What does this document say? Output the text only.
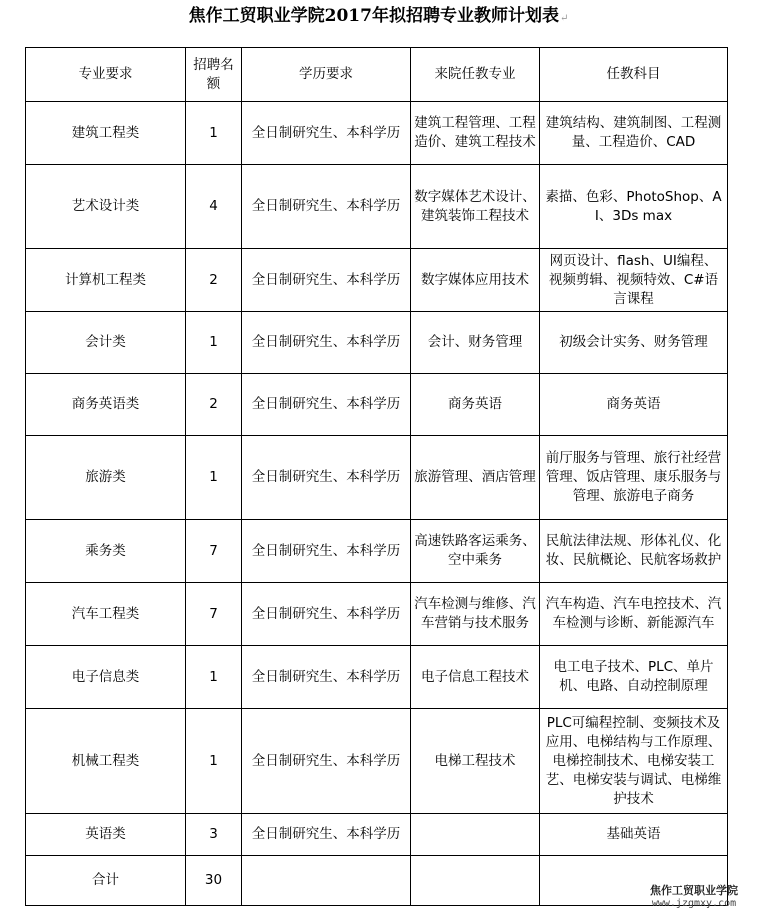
焦作工贸职业学院2017年拟招聘专业教师计划表↵
专业要求	招聘名额	学历要求	来院任教专业	任教科目
建筑工程类	1	全日制研究生、本科学历	建筑工程管理、工程造价、建筑工程技术	建筑结构、建筑制图、工程测量、工程造价、CAD
艺术设计类	4	全日制研究生、本科学历	数字媒体艺术设计、建筑装饰工程技术	素描、色彩、PhotoShop、AI、3Ds max
计算机工程类	2	全日制研究生、本科学历	数字媒体应用技术	网页设计、flash、UI编程、视频剪辑、视频特效、C#语言课程
会计类	1	全日制研究生、本科学历	会计、财务管理	初级会计实务、财务管理
商务英语类	2	全日制研究生、本科学历	商务英语	商务英语
旅游类	1	全日制研究生、本科学历	旅游管理、酒店管理	前厅服务与管理、旅行社经营管理、饭店管理、康乐服务与管理、旅游电子商务
乘务类	7	全日制研究生、本科学历	高速铁路客运乘务、空中乘务	民航法律法规、形体礼仪、化妆、民航概论、民航客场救护
汽车工程类	7	全日制研究生、本科学历	汽车检测与维修、汽车营销与技术服务	汽车构造、汽车电控技术、汽车检测与诊断、新能源汽车
电子信息类	1	全日制研究生、本科学历	电子信息工程技术	电工电子技术、PLC、单片机、电路、自动控制原理
机械工程类	1	全日制研究生、本科学历	电梯工程技术	PLC可编程控制、变频技术及应用、电梯结构与工作原理、电梯控制技术、电梯安装工艺、电梯安装与调试、电梯维护技术
英语类	3	全日制研究生、本科学历		基础英语
合计	30			
焦作工贸职业学院
www.jzgmxy.com
